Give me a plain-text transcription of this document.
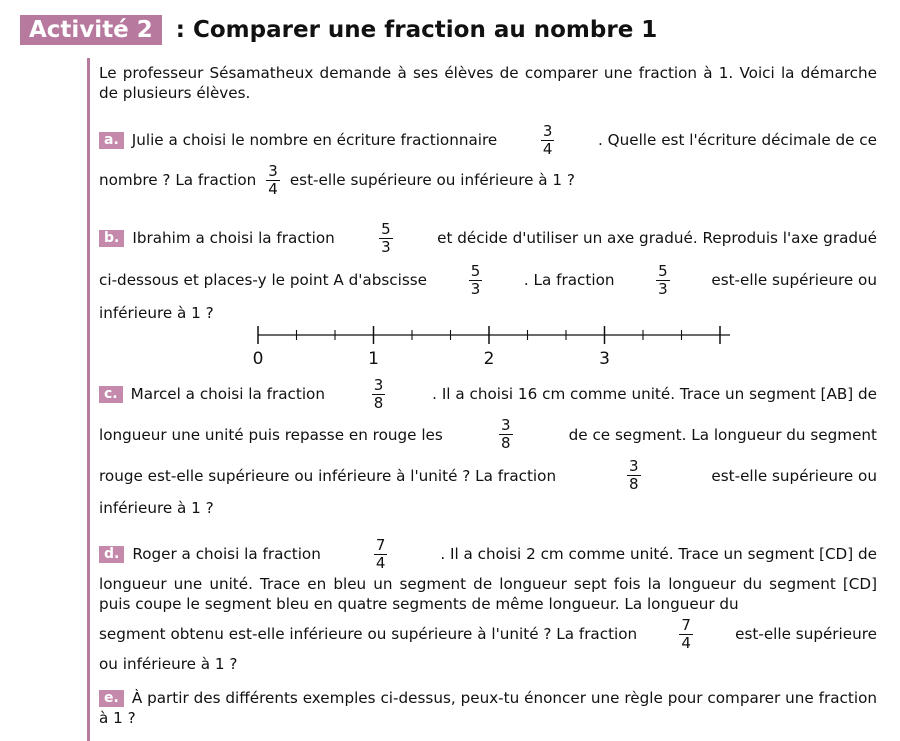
Activité 2	: Comparer une fraction au nombre 1
Le professeur Sésamatheux demande à ses élèves de comparer une fraction à 1. Voici la démarche de plusieurs élèves.
a. Julie a choisi le nombre en écriture fractionnaire	$\frac{3}{4}$	. Quelle est l'écriture décimale de ce
nombre ? La fraction $\frac{3}{4}$ est-elle supérieure ou inférieure à 1 ?
b. Ibrahim a choisi la fraction	$\frac{5}{3}$	et décide d'utiliser un axe gradué. Reproduis l'axe gradué
ci-dessous et places-y le point A d'abscisse	$\frac{5}{3}$	. La fraction	$\frac{5}{3}$	est-elle supérieure ou
inférieure à 1 ?
0	1	2	3
c. Marcel a choisi la fraction	$\frac{3}{8}$	. Il a choisi 16 cm comme unité. Trace un segment [AB] de
longueur une unité puis repasse en rouge les	$\frac{3}{8}$	de ce segment. La longueur du segment
rouge est-elle supérieure ou inférieure à l'unité ? La fraction	$\frac{3}{8}$	est-elle supérieure ou
inférieure à 1 ?
d. Roger a choisi la fraction	$\frac{7}{4}$	. Il a choisi 2 cm comme unité. Trace un segment [CD] de
longueur une unité. Trace en bleu un segment de longueur sept fois la longueur du segment [CD] puis coupe le segment bleu en quatre segments de même longueur. La longueur du
segment obtenu est-elle inférieure ou supérieure à l'unité ? La fraction	$\frac{7}{4}$	est-elle supérieure
ou inférieure à 1 ?
e. À partir des différents exemples ci-dessus, peux-tu énoncer une règle pour comparer une fraction à 1 ?
